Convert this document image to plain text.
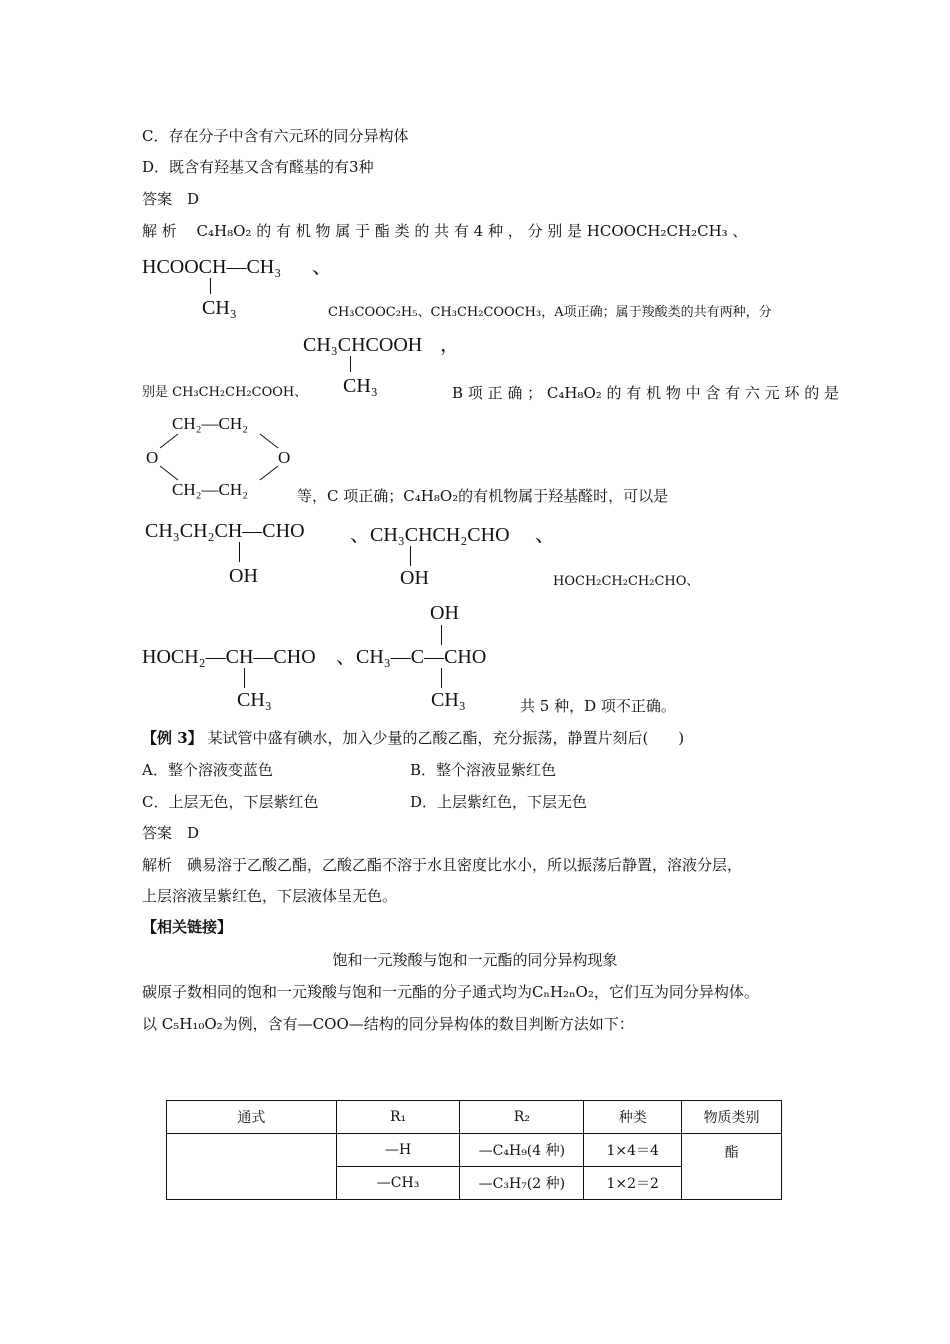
C．存在分子中含有六元环的同分异构体
D．既含有羟基又含有醛基的有3种
答案　D
解 析　 C₄H₈O₂ 的 有 机 物 属 于 酯 类 的 共 有 4 种 ， 分 别 是 HCOOCH₂CH₂CH₃ 、
HCOOCH—CH₃ 、
CH₃	CH₃COOC₂H₅、CH₃CH₂COOCH₃，A项正确；属于羧酸类的共有两种，分
CH₃CHCOOH ，
CH₃
别是 CH₃CH₂CH₂COOH、	B 项 正 确 ； C₄H₈O₂ 的 有 机 物 中 含 有 六 元 环 的 是
CH₂—CH₂
O	O
CH₂—CH₂	等，C 项正确；C₄H₈O₂的有机物属于羟基醛时，可以是
CH₃CH₂CH—CHO
OH
、CH₃CHCH₂CHO 、
OH	HOCH₂CH₂CH₂CHO、
HOCH₂—CH—CHO
CH₃
、CH₃—C—CHO
OH
CH₃	共 5 种，D 项不正确。
【例 3】 某试管中盛有碘水，加入少量的乙酸乙酯，充分振荡，静置片刻后(　　)
A．整个溶液变蓝色	B．整个溶液显紫红色
C．上层无色，下层紫红色	D．上层紫红色，下层无色
答案　D
解析　碘易溶于乙酸乙酯，乙酸乙酯不溶于水且密度比水小，所以振荡后静置，溶液分层，
上层溶液呈紫红色，下层液体呈无色。
【相关链接】
饱和一元羧酸与饱和一元酯的同分异构现象
碳原子数相同的饱和一元羧酸与饱和一元酯的分子通式均为CₙH₂ₙO₂，它们互为同分异构体。
以 C₅H₁₀O₂为例，含有—COO—结构的同分异构体的数目判断方法如下：
通式	R₁	R₂	种类	物质类别
	—H	—C₄H₉(4 种)	1×4＝4	酯
	—CH₃	—C₃H₇(2 种)	1×2＝2	
